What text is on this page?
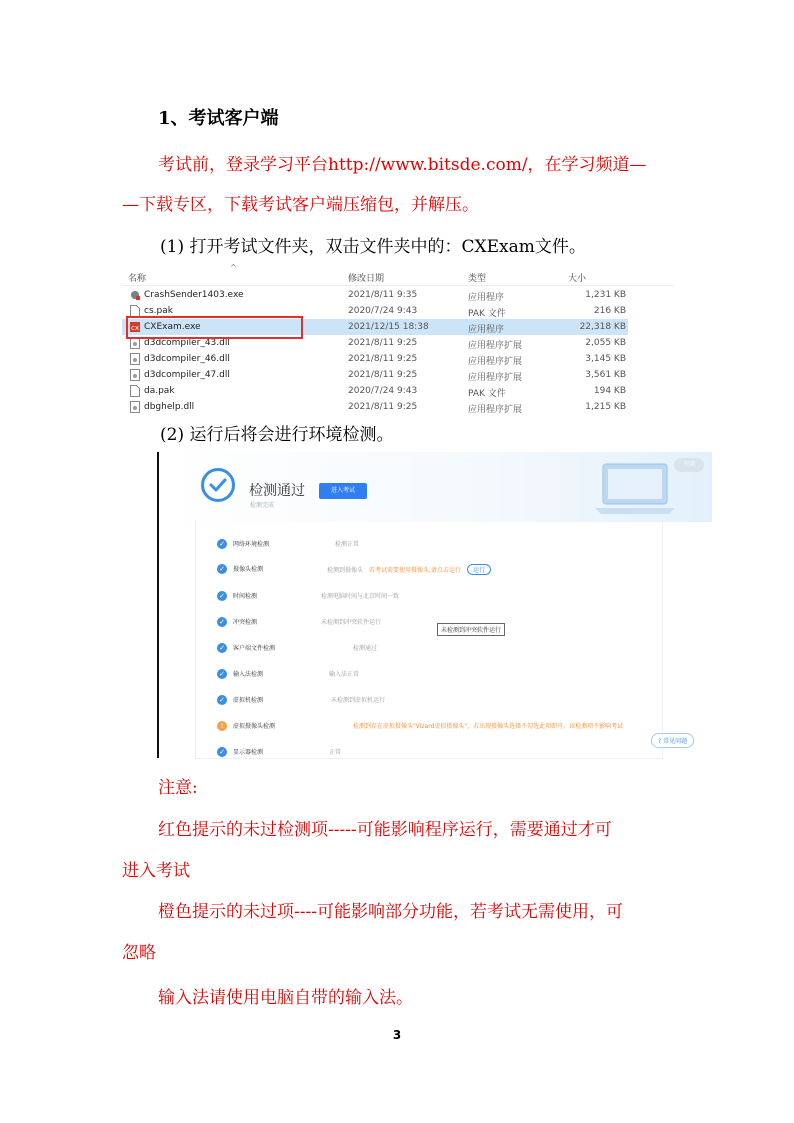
1、考试客户端
考试前，登录学习平台http://www.bitsde.com/，在学习频道—
—下载专区，下载考试客户端压缩包，并解压。
(1) 打开考试文件夹，双击文件夹中的：CXExam文件。
^
名称	修改日期	类型	大小
CrashSender1403.exe	2021/8/11 9:35	应用程序	1,231 KB
cs.pak	2020/7/24 9:43	PAK 文件	216 KB
cx CXExam.exe	2021/12/15 18:38	应用程序	22,318 KB
d3dcompiler_43.dll	2021/8/11 9:25	应用程序扩展	2,055 KB
d3dcompiler_46.dll	2021/8/11 9:25	应用程序扩展	3,145 KB
d3dcompiler_47.dll	2021/8/11 9:25	应用程序扩展	3,561 KB
da.pak	2020/7/24 9:43	PAK 文件	194 KB
dbghelp.dll	2021/8/11 9:25	应用程序扩展	1,215 KB
(2) 运行后将会进行环境检测。
检测通过
检测完成
进入考试
关闭
✓	网络环境检测	检测正常
✓	摄像头检测	检测到摄像头 若考试需要使用摄像头,请点击运行 运行
✓	时间检测	检测电脑时间与北京时间一致
✓	冲突检测	未检测到冲突软件运行
✓	客户端文件检测	检测通过
✓	输入法检测	输入法正常
✓	虚拟机检测	未检测到虚拟机运行
!	虚拟摄像头检测	检测到存在虚拟摄像头"Vizard虚拟摄像头"，若出现摄像头选择不勾选此项即可，该检测项不影响考试
✓	显示器检测	正常
未检测到冲突软件运行
? 常见问题
注意:
红色提示的未过检测项-----可能影响程序运行，需要通过才可
进入考试
橙色提示的未过项----可能影响部分功能，若考试无需使用，可
忽略
输入法请使用电脑自带的输入法。
3
